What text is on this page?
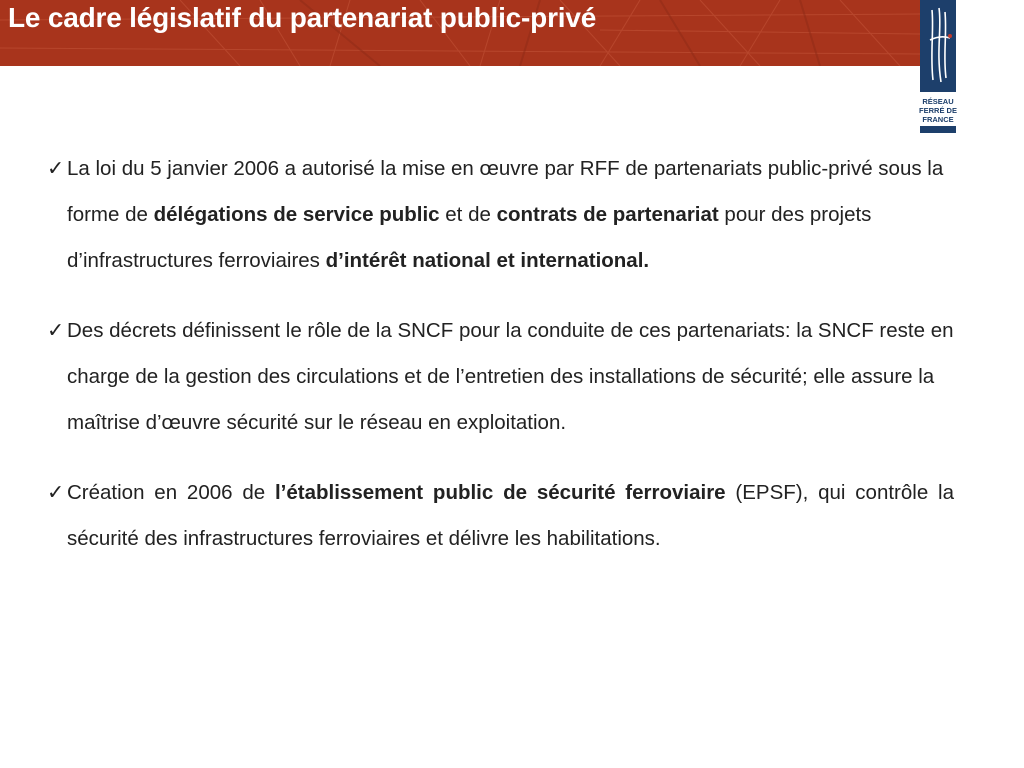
Le cadre législatif du partenariat public-privé
RÉSEAU
FERRÉ DE
FRANCE

✓ La loi du 5 janvier 2006 a autorisé la mise en œuvre par RFF de partenariats public-privé sous la forme de délégations de service public et de contrats de partenariat pour des projets d’infrastructures ferroviaires d’intérêt national et international.

✓ Des décrets définissent le rôle de la SNCF pour la conduite de ces partenariats: la SNCF reste en charge de la gestion des circulations et de l’entretien des installations de sécurité; elle assure la maîtrise d’œuvre sécurité sur le réseau en exploitation.

✓ Création en 2006 de l’établissement public de sécurité ferroviaire (EPSF), qui contrôle la sécurité des infrastructures ferroviaires et délivre les habilitations.
